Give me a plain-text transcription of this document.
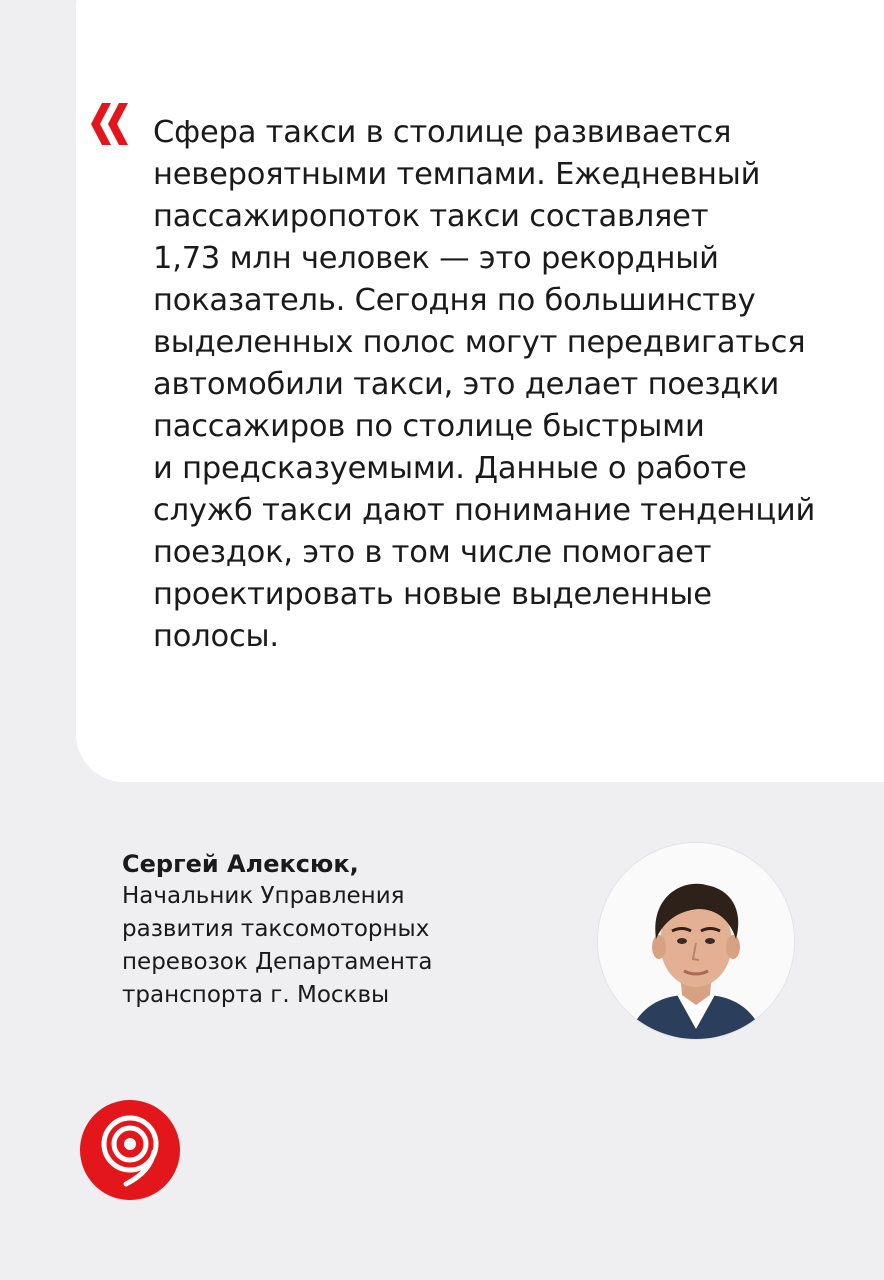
Сфера такси в столице развивается
невероятными темпами. Ежедневный
пассажиропоток такси составляет
1,73 млн человек — это рекордный
показатель. Сегодня по большинству
выделенных полос могут передвигаться
автомобили такси, это делает поездки
пассажиров по столице быстрыми
и предсказуемыми. Данные о работе
служб такси дают понимание тенденций
поездок, это в том числе помогает
проектировать новые выделенные
полосы.

Сергей Алексюк,

Начальник Управления
развития таксомоторных
перевозок Департамента
транспорта г. Москвы
